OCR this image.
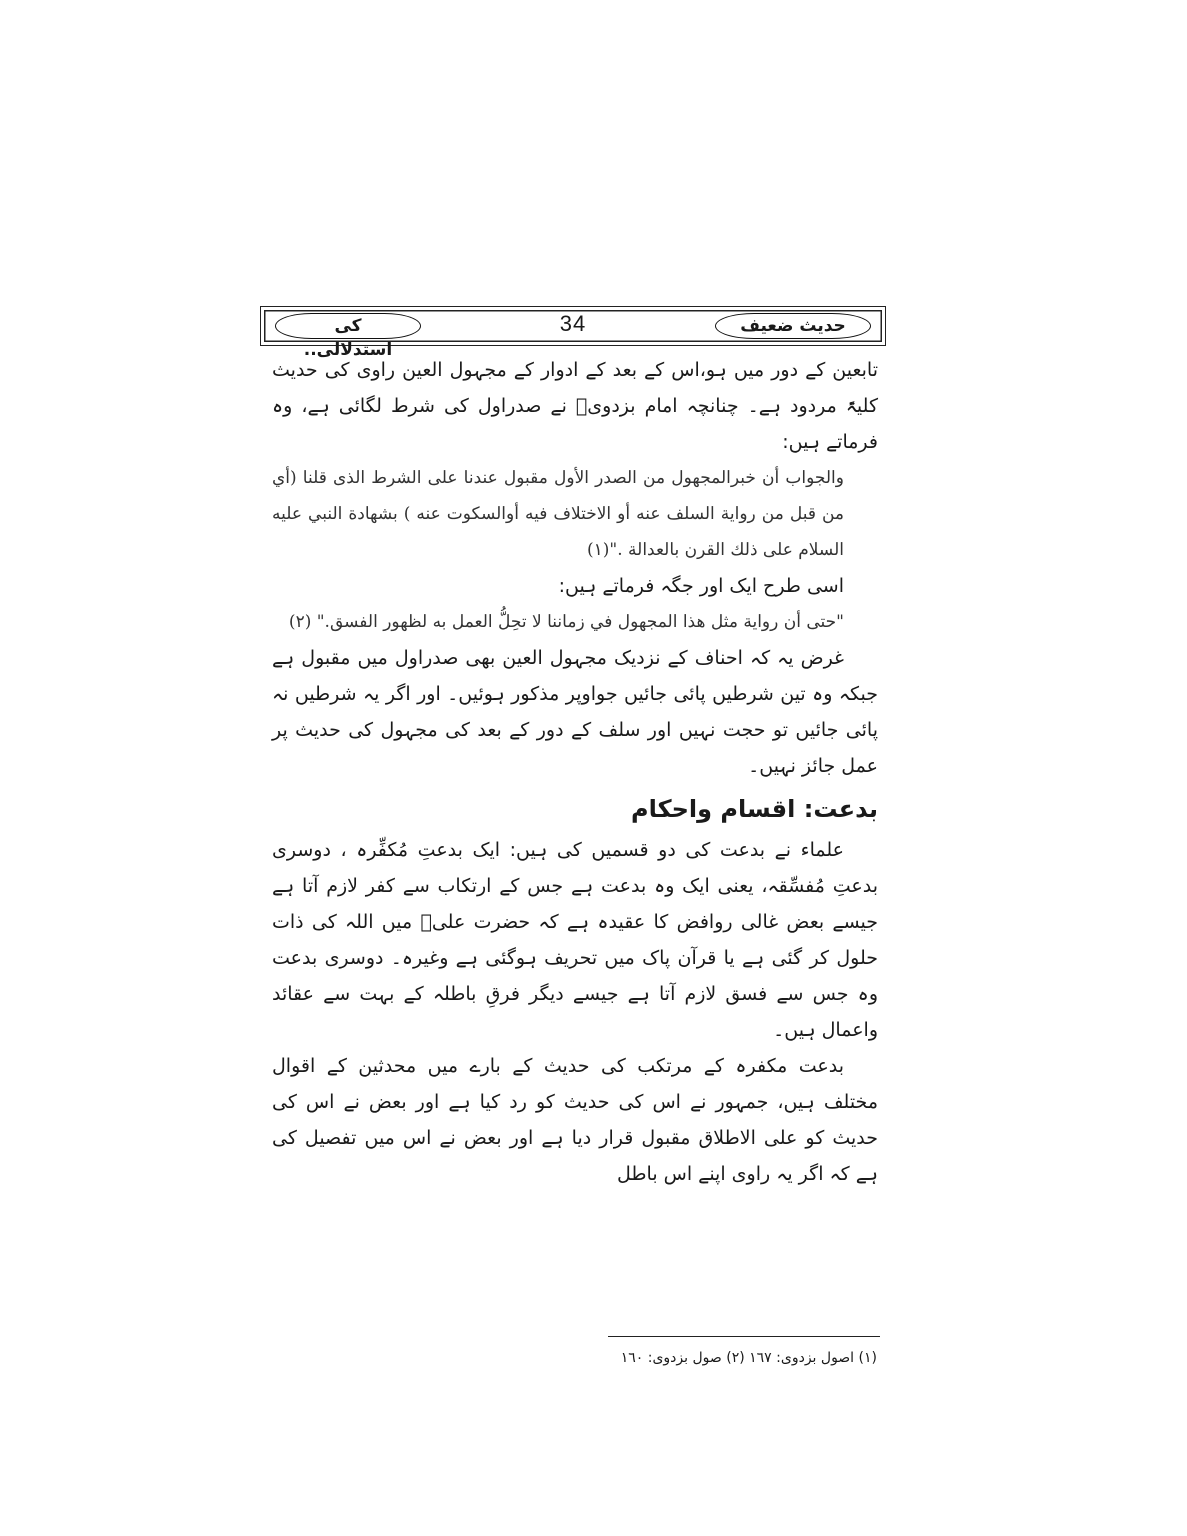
حدیث ضعیف
34
کی استدلالی..

تابعین کے دور میں ہو،اس کے بعد کے ادوار کے مجہول العین راوی کی حدیث کلیۃً مردود ہے۔ چنانچہ امام بزدویؒ نے صدراول کی شرط لگائی ہے، وہ فرماتے ہیں:

والجواب أن خبرالمجهول من الصدر الأول مقبول عندنا على الشرط الذى قلنا (أي من قبل من رواية السلف عنه أو الاختلاف فيه أوالسكوت عنه ) بشهادة النبي عليه السلام على ذلك القرن بالعدالة ."(١)

اسی طرح ایک اور جگہ فرماتے ہیں:

"حتى أن رواية مثل هذا المجهول في زماننا لا تحِلُّ العمل به لظهور الفسق." (٢)

غرض یہ کہ احناف کے نزدیک مجہول العین بھی صدراول میں مقبول ہے جبکہ وہ تین شرطیں پائی جائیں جواوپر مذکور ہوئیں۔ اور اگر یہ شرطیں نہ پائی جائیں تو حجت نہیں اور سلف کے دور کے بعد کی مجہول کی حدیث پر عمل جائز نہیں۔

بدعت: اقسام واحکام

علماء نے بدعت کی دو قسمیں کی ہیں: ایک بدعتِ مُکفِّرہ ، دوسری بدعتِ مُفسِّقہ، یعنی ایک وہ بدعت ہے جس کے ارتکاب سے کفر لازم آتا ہے جیسے بعض غالی روافض کا عقیدہ ہے کہ حضرت علیؓ میں اللہ کی ذات حلول کر گئی ہے یا قرآن پاک میں تحریف ہوگئی ہے وغیرہ۔ دوسری بدعت وہ جس سے فسق لازم آتا ہے جیسے دیگر فرقِ باطلہ کے بہت سے عقائد واعمال ہیں۔

بدعت مکفرہ کے مرتکب کی حدیث کے بارے میں محدثین کے اقوال مختلف ہیں، جمہور نے اس کی حدیث کو رد کیا ہے اور بعض نے اس کی حدیث کو علی الاطلاق مقبول قرار دیا ہے اور بعض نے اس میں تفصیل کی ہے کہ اگر یہ راوی اپنے اس باطل

(١) اصول بزدوی: ١٦٧ (٢) صول بزدوی: ١٦٠
